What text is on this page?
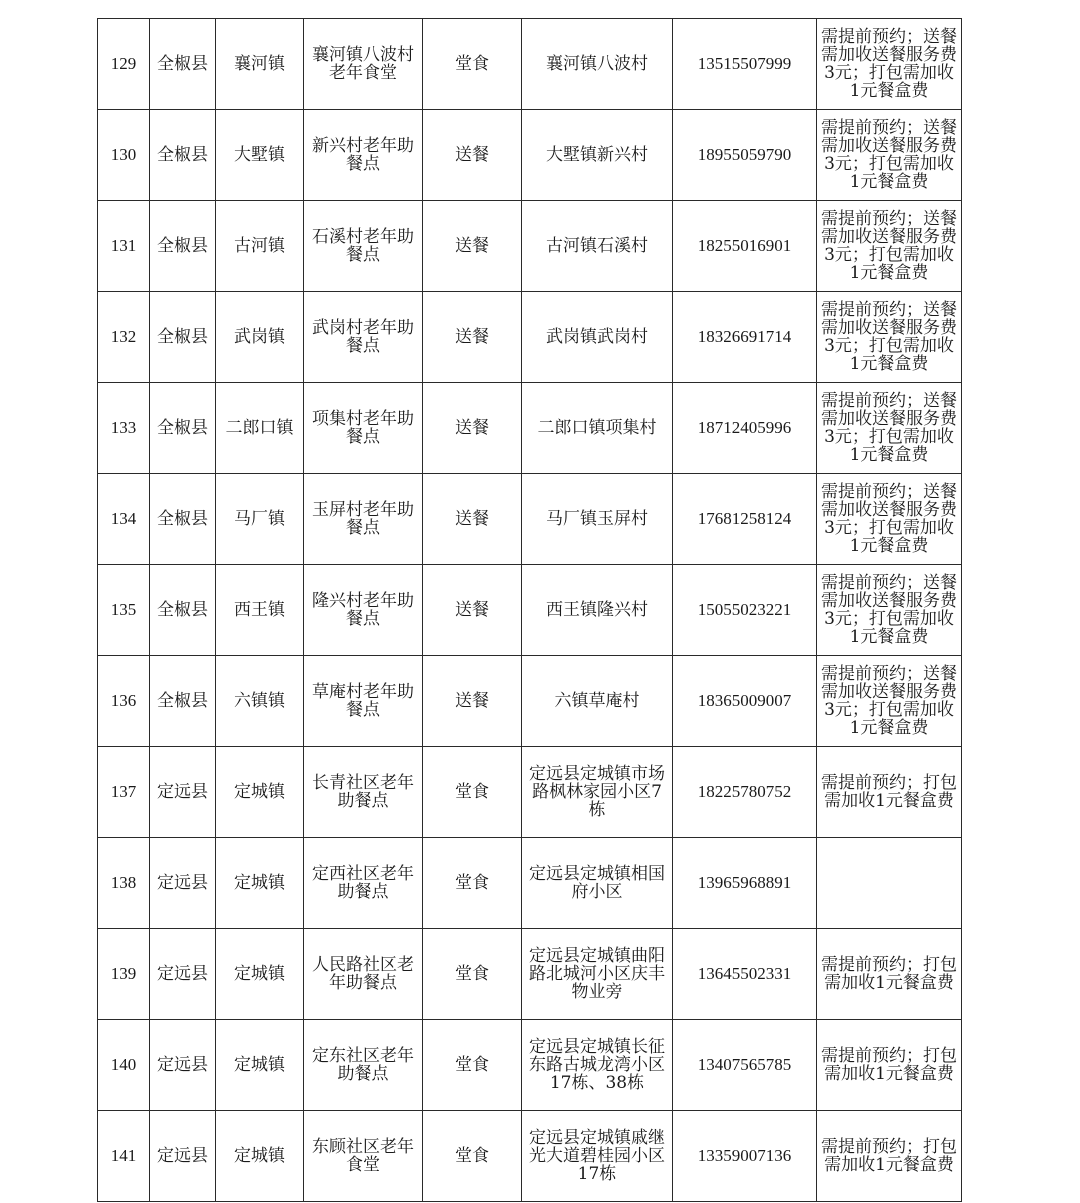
129	全椒县	襄河镇	襄河镇八波村老年食堂	堂食	襄河镇八波村	13515507999	需提前预约；送餐需加收送餐服务费3元；打包需加收1元餐盒费
130	全椒县	大墅镇	新兴村老年助餐点	送餐	大墅镇新兴村	18955059790	需提前预约；送餐需加收送餐服务费3元；打包需加收1元餐盒费
131	全椒县	古河镇	石溪村老年助餐点	送餐	古河镇石溪村	18255016901	需提前预约；送餐需加收送餐服务费3元；打包需加收1元餐盒费
132	全椒县	武岗镇	武岗村老年助餐点	送餐	武岗镇武岗村	18326691714	需提前预约；送餐需加收送餐服务费3元；打包需加收1元餐盒费
133	全椒县	二郎口镇	项集村老年助餐点	送餐	二郎口镇项集村	18712405996	需提前预约；送餐需加收送餐服务费3元；打包需加收1元餐盒费
134	全椒县	马厂镇	玉屏村老年助餐点	送餐	马厂镇玉屏村	17681258124	需提前预约；送餐需加收送餐服务费3元；打包需加收1元餐盒费
135	全椒县	西王镇	隆兴村老年助餐点	送餐	西王镇隆兴村	15055023221	需提前预约；送餐需加收送餐服务费3元；打包需加收1元餐盒费
136	全椒县	六镇镇	草庵村老年助餐点	送餐	六镇草庵村	18365009007	需提前预约；送餐需加收送餐服务费3元；打包需加收1元餐盒费
137	定远县	定城镇	长青社区老年助餐点	堂食	定远县定城镇市场路枫林家园小区7栋	18225780752	需提前预约；打包需加收1元餐盒费
138	定远县	定城镇	定西社区老年助餐点	堂食	定远县定城镇相国府小区	13965968891	
139	定远县	定城镇	人民路社区老年助餐点	堂食	定远县定城镇曲阳路北城河小区庆丰物业旁	13645502331	需提前预约；打包需加收1元餐盒费
140	定远县	定城镇	定东社区老年助餐点	堂食	定远县定城镇长征东路古城龙湾小区17栋、38栋	13407565785	需提前预约；打包需加收1元餐盒费
141	定远县	定城镇	东顾社区老年食堂	堂食	定远县定城镇戚继光大道碧桂园小区17栋	13359007136	需提前预约；打包需加收1元餐盒费
